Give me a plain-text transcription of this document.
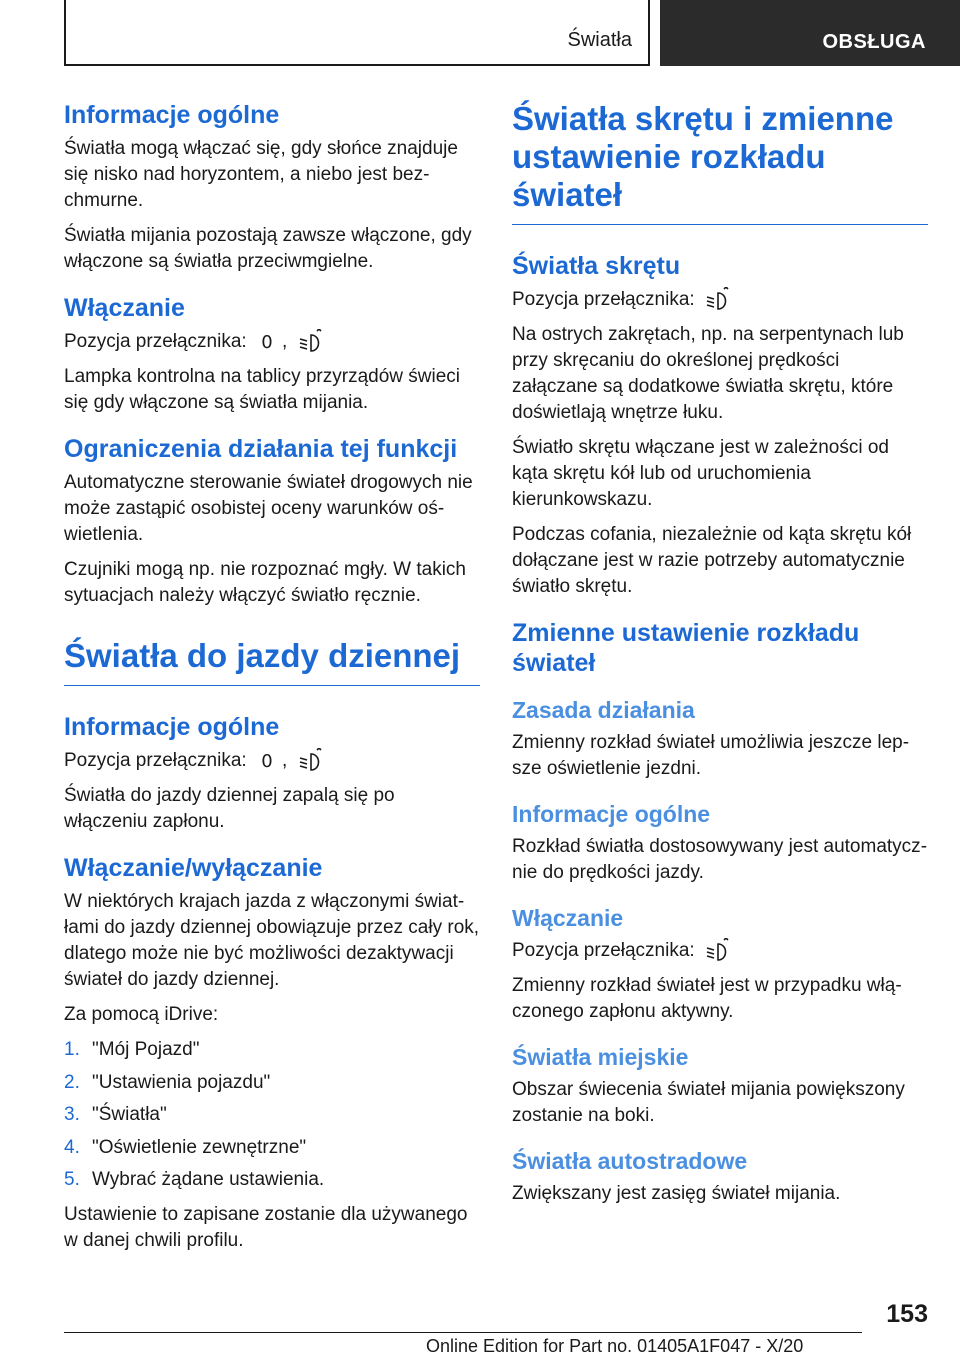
Światła	OBSŁUGA
Informacje ogólne
Światła mogą włączać się, gdy słońce znajduje się nisko nad horyzontem, a niebo jest bezchmurne.
Światła mijania pozostają zawsze włączone, gdy włączone są światła przeciwmgielne.
Włączanie
Pozycja przełącznika: 0 ,
Lampka kontrolna na tablicy przyrządów świeci się gdy włączone są światła mijania.
Ograniczenia działania tej funkcji
Automatyczne sterowanie świateł drogowych nie może zastąpić osobistej oceny warunków oświetlenia.
Czujniki mogą np. nie rozpoznać mgły. W takich sytuacjach należy włączyć światło ręcznie.
Światła do jazdy dziennej
Informacje ogólne
Pozycja przełącznika: 0 ,
Światła do jazdy dziennej zapalą się po włączeniu zapłonu.
Włączanie/wyłączanie
W niektórych krajach jazda z włączonymi światłami do jazdy dziennej obowiązuje przez cały rok, dlatego może nie być możliwości dezaktywacji świateł do jazdy dziennej.
Za pomocą iDrive:
1. "Mój Pojazd"
2. "Ustawienia pojazdu"
3. "Światła"
4. "Oświetlenie zewnętrzne"
5. Wybrać żądane ustawienia.
Ustawienie to zapisane zostanie dla używanego w danej chwili profilu.
Światła skrętu i zmienne ustawienie rozkładu świateł
Światła skrętu
Pozycja przełącznika:
Na ostrych zakrętach, np. na serpentynach lub przy skręcaniu do określonej prędkości załączane są dodatkowe światła skrętu, które doświetlają wnętrze łuku.
Światło skrętu włączane jest w zależności od kąta skrętu kół lub od uruchomienia kierunkowskazu.
Podczas cofania, niezależnie od kąta skrętu kół dołączane jest w razie potrzeby automatycznie światło skrętu.
Zmienne ustawienie rozkładu świateł
Zasada działania
Zmienny rozkład świateł umożliwia jeszcze lepsze oświetlenie jezdni.
Informacje ogólne
Rozkład światła dostosowywany jest automatycznie do prędkości jazdy.
Włączanie
Pozycja przełącznika:
Zmienny rozkład świateł jest w przypadku włączonego zapłonu aktywny.
Światła miejskie
Obszar świecenia świateł mijania powiększony zostanie na boki.
Światła autostradowe
Zwiększany jest zasięg świateł mijania.
153
Online Edition for Part no. 01405A1F047 - X/20
